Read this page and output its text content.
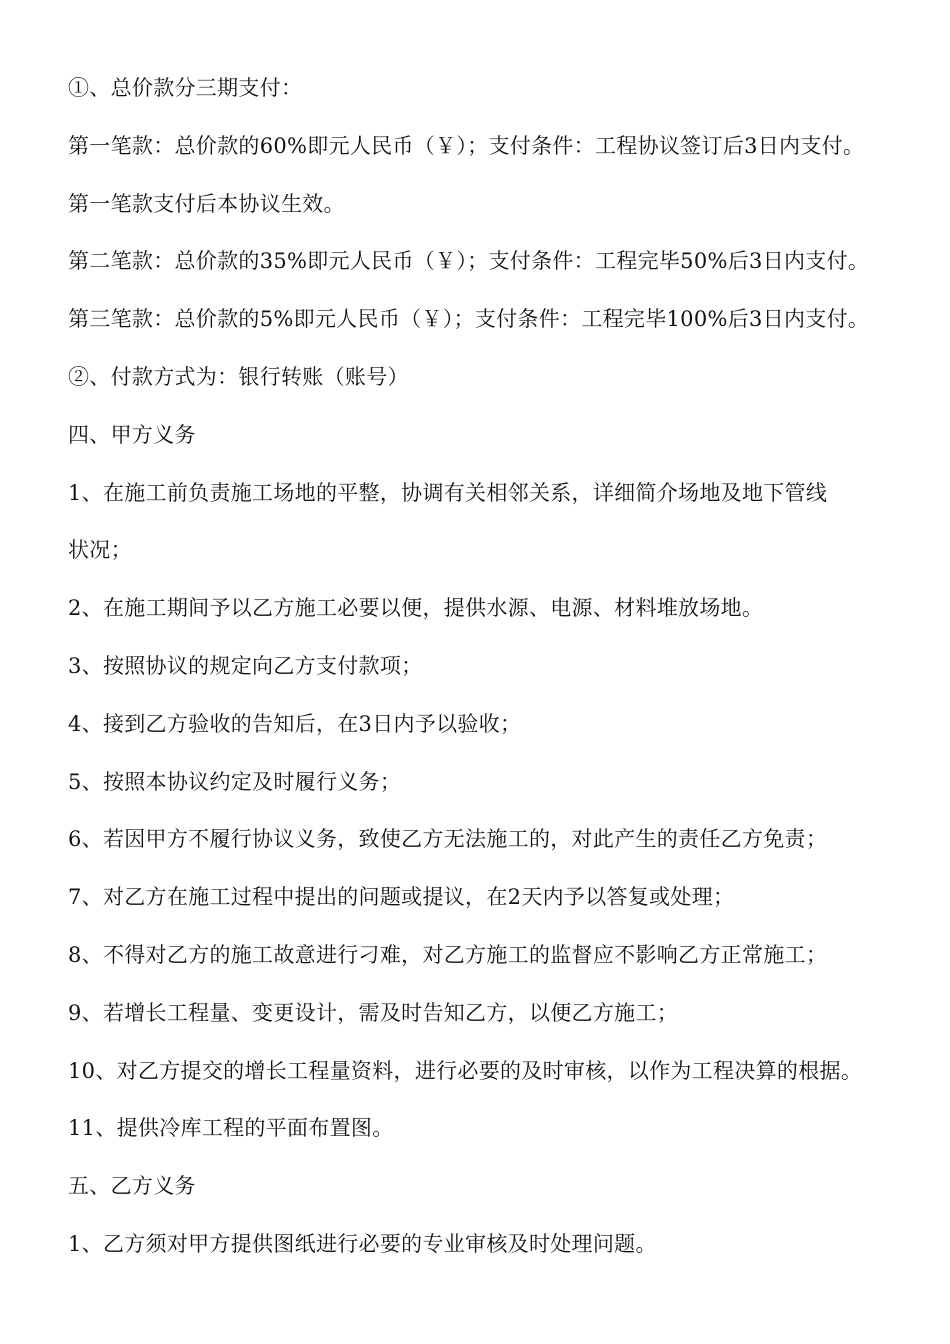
①、总价款分三期支付：
第一笔款：总价款的60%即元人民币（￥）；支付条件：工程协议签订后3日内支付。
第一笔款支付后本协议生效。
第二笔款：总价款的35%即元人民币（￥）；支付条件：工程完毕50%后3日内支付。
第三笔款：总价款的5%即元人民币（￥）；支付条件：工程完毕100%后3日内支付。
②、付款方式为：银行转账（账号）
四、甲方义务
1、在施工前负责施工场地的平整，协调有关相邻关系，详细简介场地及地下管线
状况；
2、在施工期间予以乙方施工必要以便，提供水源、电源、材料堆放场地。
3、按照协议的规定向乙方支付款项；
4、接到乙方验收的告知后，在3日内予以验收；
5、按照本协议约定及时履行义务；
6、若因甲方不履行协议义务，致使乙方无法施工的，对此产生的责任乙方免责；
7、对乙方在施工过程中提出的问题或提议，在2天内予以答复或处理；
8、不得对乙方的施工故意进行刁难，对乙方施工的监督应不影响乙方正常施工；
9、若增长工程量、变更设计，需及时告知乙方，以便乙方施工；
10、对乙方提交的增长工程量资料，进行必要的及时审核，以作为工程决算的根据。
11、提供冷库工程的平面布置图。
五、乙方义务
1、乙方须对甲方提供图纸进行必要的专业审核及时处理问题。
